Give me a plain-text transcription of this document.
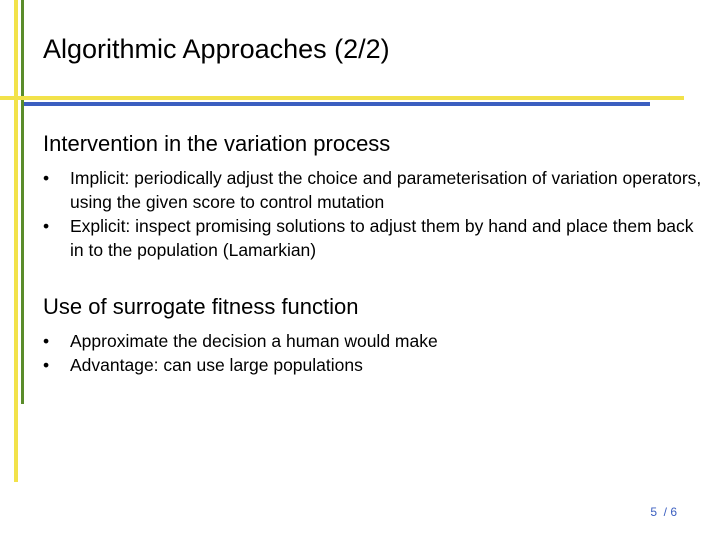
Algorithmic Approaches (2/2)
Intervention in the variation process
• Implicit: periodically adjust the choice and parameterisation of variation operators, using the given score to control mutation
• Explicit: inspect promising solutions to adjust them by hand and place them back in to the population (Lamarkian)
Use of surrogate fitness function
• Approximate the decision a human would make
• Advantage: can use large populations
5  / 6
